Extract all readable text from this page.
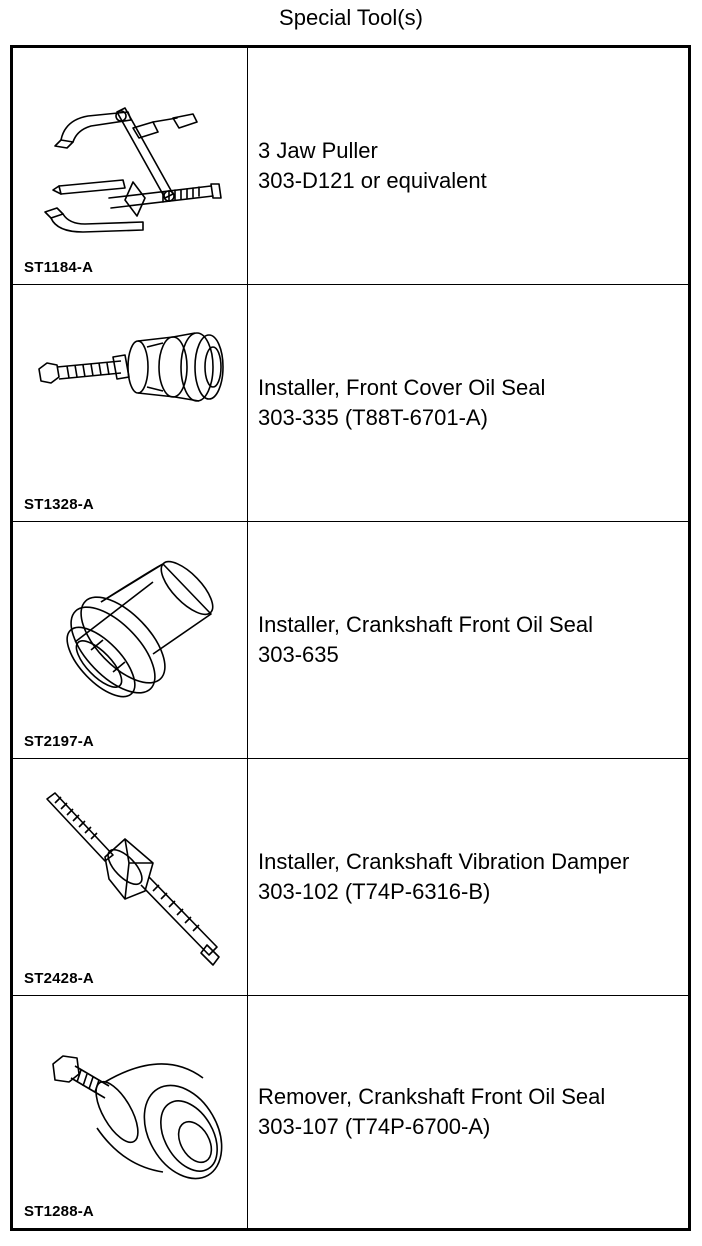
Special Tool(s)
ST1184-A
3 Jaw Puller
303-D121 or equivalent
ST1328-A
Installer, Front Cover Oil Seal
303-335 (T88T-6701-A)
ST2197-A
Installer, Crankshaft Front Oil Seal
303-635
ST2428-A
Installer, Crankshaft Vibration Damper
303-102 (T74P-6316-B)
ST1288-A
Remover, Crankshaft Front Oil Seal
303-107 (T74P-6700-A)
